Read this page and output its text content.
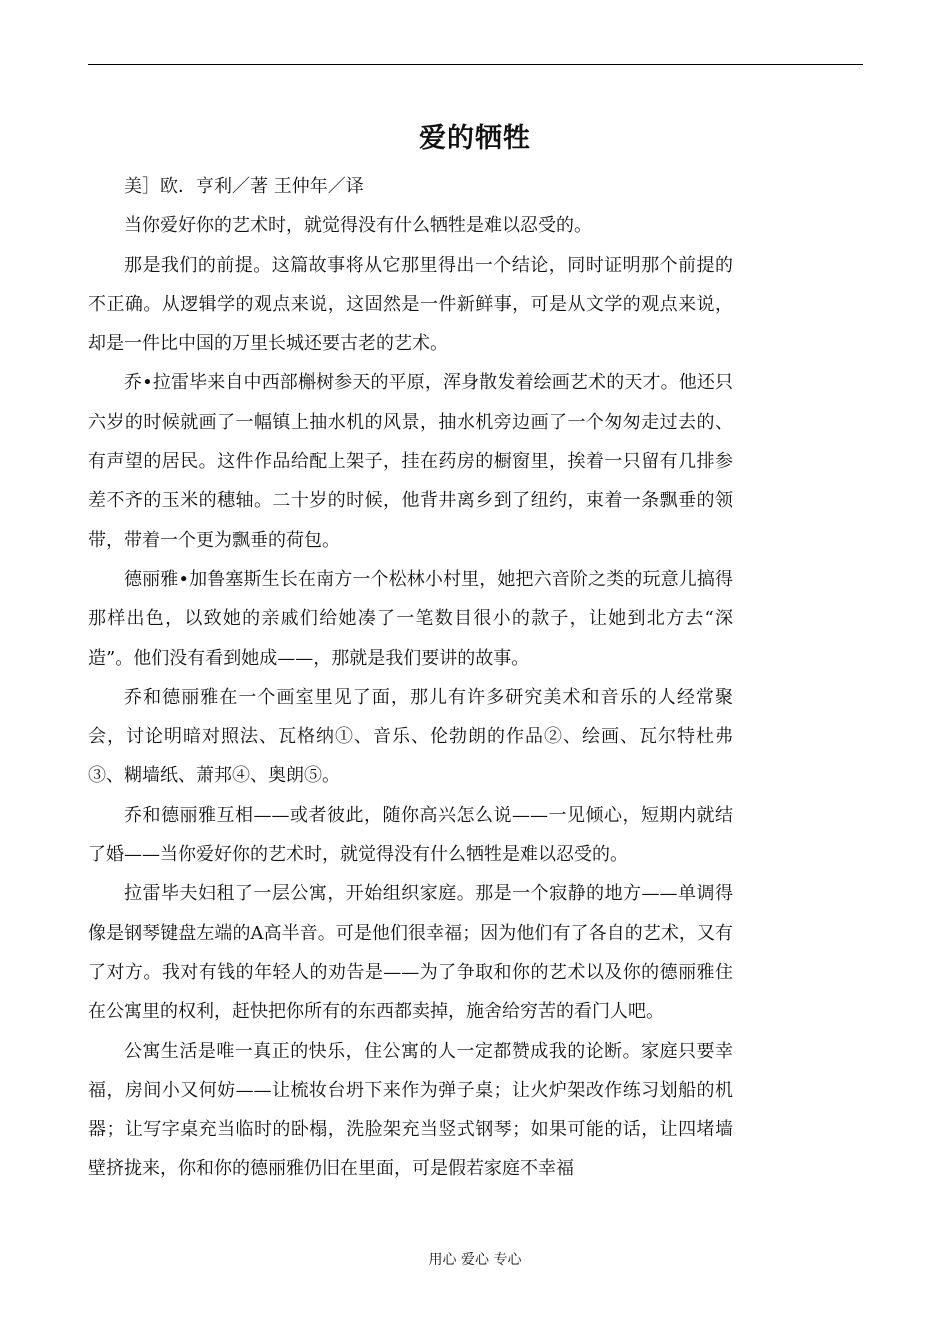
爱的牺牲

美］欧．亨利／著 王仲年／译

当你爱好你的艺术时，就觉得没有什么牺牲是难以忍受的。

那是我们的前提。这篇故事将从它那里得出一个结论，同时证明那个前提的不正确。从逻辑学的观点来说，这固然是一件新鲜事，可是从文学的观点来说，却是一件比中国的万里长城还要古老的艺术。

乔•拉雷毕来自中西部槲树参天的平原，浑身散发着绘画艺术的天才。他还只六岁的时候就画了一幅镇上抽水机的风景，抽水机旁边画了一个匆匆走过去的、有声望的居民。这件作品给配上架子，挂在药房的橱窗里，挨着一只留有几排参差不齐的玉米的穗轴。二十岁的时候，他背井离乡到了纽约，束着一条飘垂的领带，带着一个更为飘垂的荷包。

德丽雅•加鲁塞斯生长在南方一个松林小村里，她把六音阶之类的玩意儿搞得那样出色，以致她的亲戚们给她凑了一笔数目很小的款子，让她到北方去“深造”。他们没有看到她成——，那就是我们要讲的故事。

乔和德丽雅在一个画室里见了面，那儿有许多研究美术和音乐的人经常聚会，讨论明暗对照法、瓦格纳①、音乐、伦勃朗的作品②、绘画、瓦尔特杜弗③、糊墙纸、萧邦④、奥朗⑤。

乔和德丽雅互相——或者彼此，随你高兴怎么说——一见倾心，短期内就结了婚——当你爱好你的艺术时，就觉得没有什么牺牲是难以忍受的。

拉雷毕夫妇租了一层公寓，开始组织家庭。那是一个寂静的地方——单调得像是钢琴键盘左端的A高半音。可是他们很幸福；因为他们有了各自的艺术，又有了对方。我对有钱的年轻人的劝告是——为了争取和你的艺术以及你的德丽雅住在公寓里的权利，赶快把你所有的东西都卖掉，施舍给穷苦的看门人吧。

公寓生活是唯一真正的快乐，住公寓的人一定都赞成我的论断。家庭只要幸福，房间小又何妨——让梳妆台坍下来作为弹子桌；让火炉架改作练习划船的机器；让写字桌充当临时的卧榻，洗脸架充当竖式钢琴；如果可能的话，让四堵墙壁挤拢来，你和你的德丽雅仍旧在里面，可是假若家庭不幸福

用心 爱心 专心
